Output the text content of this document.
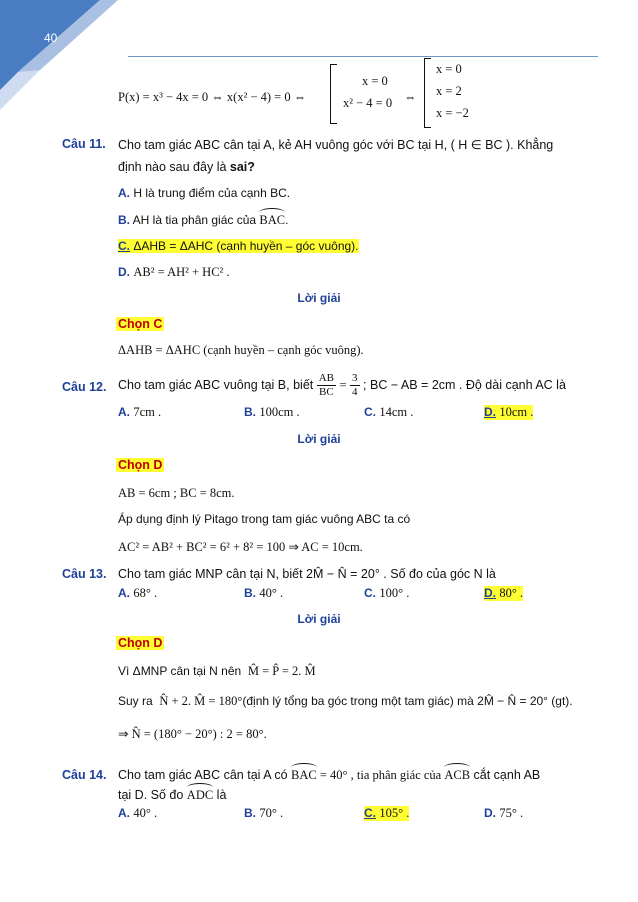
40
P(x) = x³ − 4x = 0 ⇔ x(x² − 4) = 0 ⇔
x = 0
x² − 4 = 0 ⇔
x = 0
x = 2
x = −2
Câu 11. Cho tam giác ABC cân tại A, kẻ AH vuông góc với BC tại H, ( H ∈ BC ). Khẳng
định nào sau đây là sai?
A. H là trung điểm của cạnh BC.
B. AH là tia phân giác của BAC.
C. ΔAHB = ΔAHC (cạnh huyền – góc vuông).
D. AB² = AH² + HC² .
Lời giải
Chọn C
ΔAHB = ΔAHC (cạnh huyền – cạnh góc vuông).
Câu 12. Cho tam giác ABC vuông tại B, biết $\frac{AB}{BC} = \frac{3}{4}$ ; BC − AB = 2cm . Độ dài cạnh AC là
A. 7cm .	B. 100cm .	C. 14cm .	D. 10cm .
Lời giải
Chọn D
AB = 6cm ; BC = 8cm.
Áp dụng định lý Pitago trong tam giác vuông ABC ta có
AC² = AB² + BC² = 6² + 8² = 100 ⇒ AC = 10cm.
Câu 13. Cho tam giác MNP cân tại N, biết 2M̂ − N̂ = 20° . Số đo của góc N là
A. 68° .	B. 40° .	C. 100° .	D. 80° .
Lời giải
Chọn D
Vì ΔMNP cân tại N nên M̂ = P̂ = 2. M̂
Suy ra N̂ + 2. M̂ = 180°(định lý tổng ba góc trong một tam giác) mà 2M̂ − N̂ = 20° (gt).
⇒ N̂ = (180° − 20°) : 2 = 80°.
Câu 14. Cho tam giác ABC cân tại A có BAC = 40° , tia phân giác của ACB cắt cạnh AB
tại D. Số đo ADC là
A. 40° .	B. 70° .	C. 105° .	D. 75° .
